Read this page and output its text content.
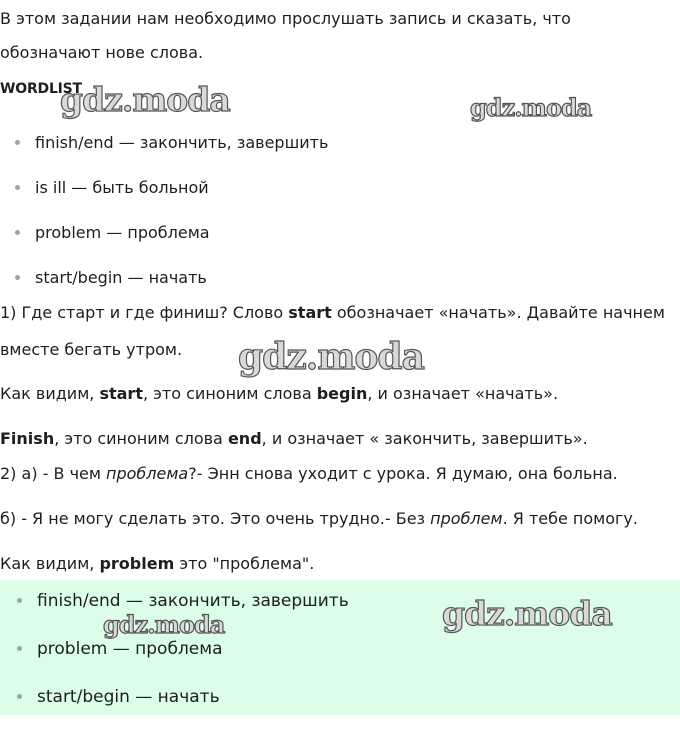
В этом задании нам необходимо прослушать запись и сказать, что
обозначают нове слова.
WORDLIST
finish/end — закончить, завершить
is ill — быть больной
problem — проблема
start/begin — начать
1) Где старт и где финиш? Слово start обозначает «начать». Давайте начнем
вместе бегать утром.
Как видим, start, это синоним слова begin, и означает «начать».
Finish, это синоним слова end, и означает « закончить, завершить».
2) а) - В чем проблема?- Энн снова уходит с урока. Я думаю, она больна.
б) - Я не могу сделать это. Это очень трудно.- Без проблем. Я тебе помогу.
Как видим, problem это "проблема".
finish/end — закончить, завершить
problem — проблема
start/begin — начать
gdz.moda	gdz.moda
gdz.moda
gdz.moda
gdz.moda
